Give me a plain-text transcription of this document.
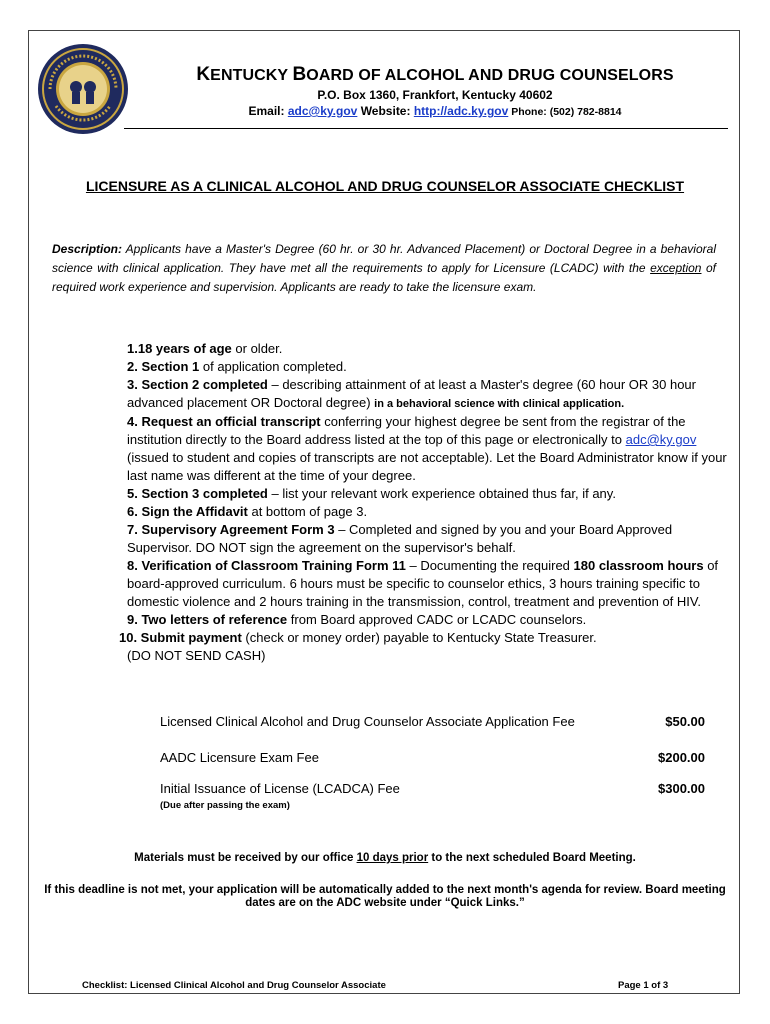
KENTUCKY BOARD OF ALCOHOL AND DRUG COUNSELORS
P.O. Box 1360, Frankfort, Kentucky 40602
Email: adc@ky.gov Website: http://adc.ky.gov Phone: (502) 782-8814
LICENSURE AS A CLINICAL ALCOHOL AND DRUG COUNSELOR ASSOCIATE CHECKLIST
Description: Applicants have a Master's Degree (60 hr. or 30 hr. Advanced Placement) or Doctoral Degree in a behavioral science with clinical application. They have met all the requirements to apply for Licensure (LCADC) with the exception of required work experience and supervision. Applicants are ready to take the licensure exam.

1.18 years of age or older.

2. Section 1 of application completed.

3. Section 2 completed – describing attainment of at least a Master's degree (60 hour OR 30 hour advanced placement OR Doctoral degree) in a behavioral science with clinical application.

4. Request an official transcript conferring your highest degree be sent from the registrar of the institution directly to the Board address listed at the top of this page or electronically to adc@ky.gov (issued to student and copies of transcripts are not acceptable). Let the Board Administrator know if your last name was different at the time of your degree.

5. Section 3 completed – list your relevant work experience obtained thus far, if any.

6. Sign the Affidavit at bottom of page 3.

7. Supervisory Agreement Form 3 – Completed and signed by you and your Board Approved Supervisor. DO NOT sign the agreement on the supervisor's behalf.

8. Verification of Classroom Training Form 11 – Documenting the required 180 classroom hours of board-approved curriculum. 6 hours must be specific to counselor ethics, 3 hours training specific to domestic violence and 2 hours training in the transmission, control, treatment and prevention of HIV.

9. Two letters of reference from Board approved CADC or LCADC counselors.

10. Submit payment (check or money order) payable to Kentucky State Treasurer.
(DO NOT SEND CASH)

Licensed Clinical Alcohol and Drug Counselor Associate Application Fee	$50.00
AADC Licensure Exam Fee	$200.00
Initial Issuance of License (LCADCA) Fee	$300.00
(Due after passing the exam)
Materials must be received by our office 10 days prior to the next scheduled Board Meeting.
If this deadline is not met, your application will be automatically added to the next month's agenda for review. Board meeting dates are on the ADC website under “Quick Links.”
Checklist: Licensed Clinical Alcohol and Drug Counselor Associate	Page 1 of 3
